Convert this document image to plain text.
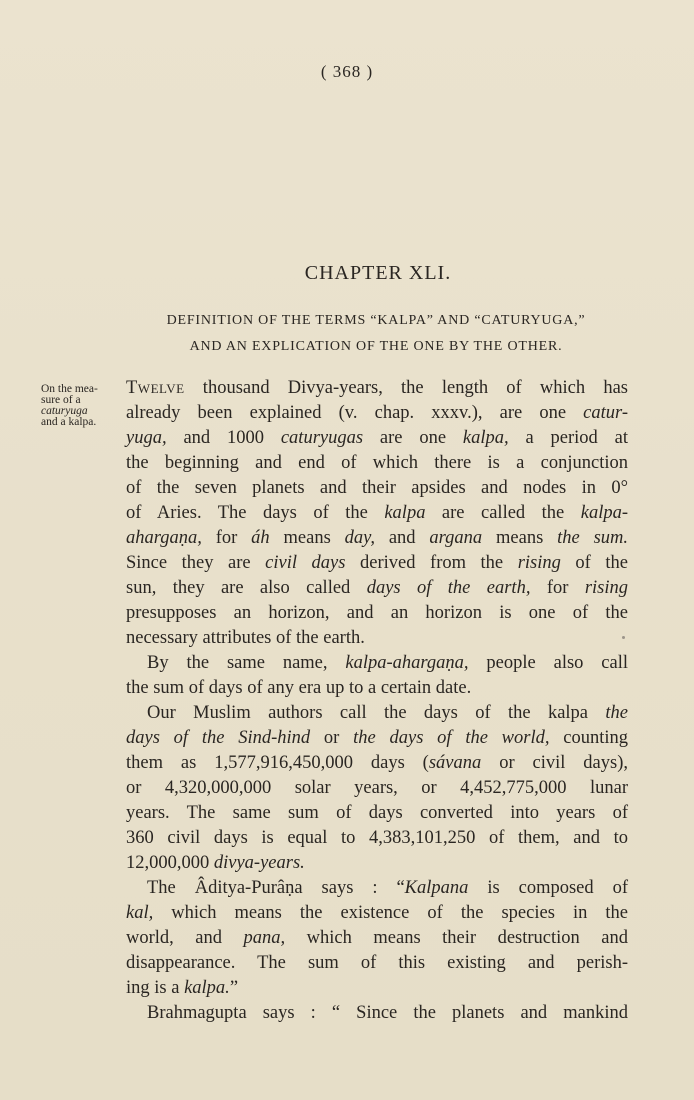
( 368 )
CHAPTER XLI.
DEFINITION OF THE TERMS “KALPA” AND “CATURYUGA,”
AND AN EXPLICATION OF THE ONE BY THE OTHER.
On the mea-
sure of a
caturyuga
and a kalpa.
Twelve thousand Divya-years, the length of which has
already been explained (v. chap. xxxv.), are one catur-
yuga, and 1000 caturyugas are one kalpa, a period at
the beginning and end of which there is a conjunction
of the seven planets and their apsides and nodes in 0°
of Aries. The days of the kalpa are called the kalpa-
ahargaṇa, for áh means day, and argana means the sum.
Since they are civil days derived from the rising of the
sun, they are also called days of the earth, for rising
presupposes an horizon, and an horizon is one of the
necessary attributes of the earth.
By the same name, kalpa-ahargaṇa, people also call
the sum of days of any era up to a certain date.
Our Muslim authors call the days of the kalpa the
days of the Sind-hind or the days of the world, counting
them as 1,577,916,450,000 days (sávana or civil days),
or 4,320,000,000 solar years, or 4,452,775,000 lunar
years. The same sum of days converted into years of
360 civil days is equal to 4,383,101,250 of them, and to
12,000,000 divya-years.
The Âditya-Purâṇa says : “Kalpana is composed of
kal, which means the existence of the species in the
world, and pana, which means their destruction and
disappearance. The sum of this existing and perish-
ing is a kalpa.”
Brahmagupta says : “ Since the planets and mankind
